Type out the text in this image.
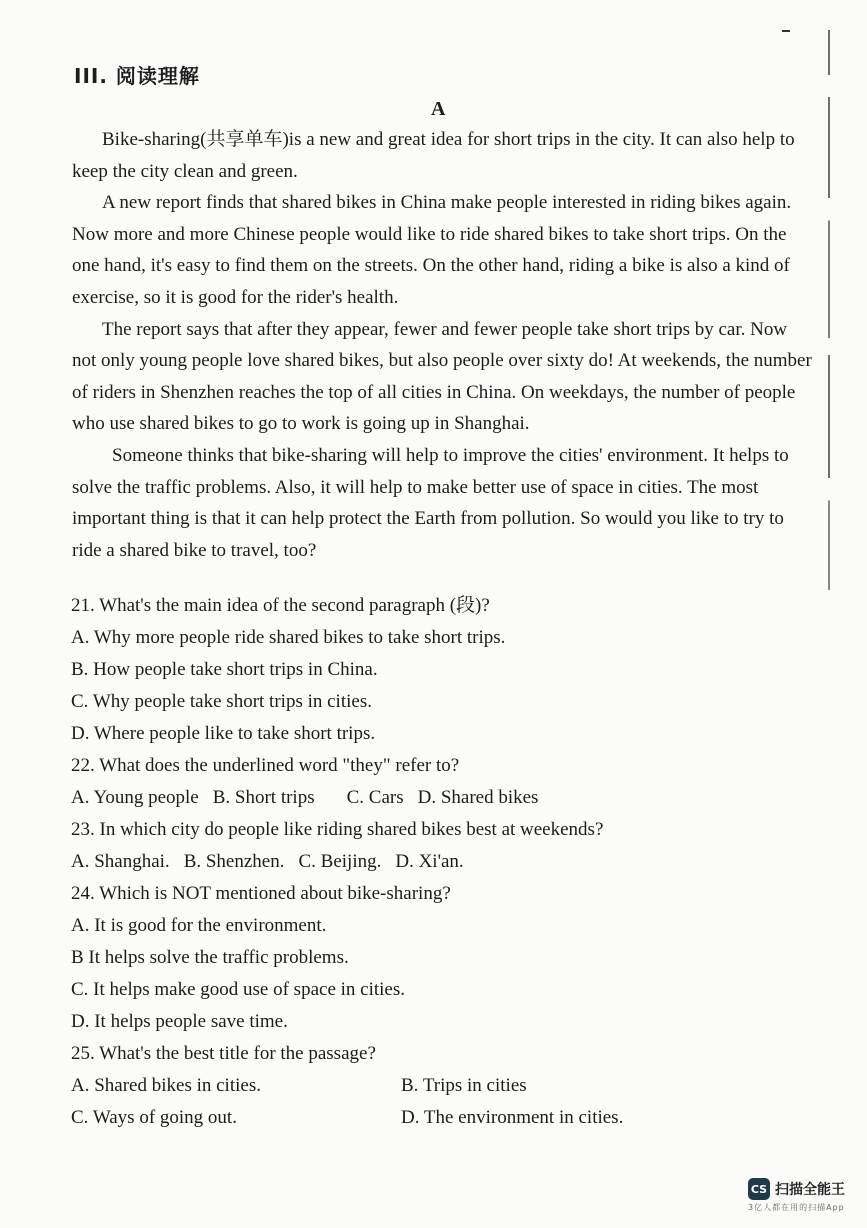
III. 阅读理解
A

Bike-sharing(共享单车)is a new and great idea for short trips in the city. It can also help to keep the city clean and green.

A new report finds that shared bikes in China make people interested in riding bikes again. Now more and more Chinese people would like to ride shared bikes to take short trips. On the one hand, it's easy to find them on the streets. On the other hand, riding a bike is also a kind of exercise, so it is good for the rider's health.

The report says that after they appear, fewer and fewer people take short trips by car. Now not only young people love shared bikes, but also people over sixty do! At weekends, the number of riders in Shenzhen reaches the top of all cities in China. On weekdays, the number of people who use shared bikes to go to work is going up in Shanghai.

Someone thinks that bike-sharing will help to improve the cities' environment. It helps to solve the traffic problems. Also, it will help to make better use of space in cities. The most important thing is that it can help protect the Earth from pollution. So would you like to try to ride a shared bike to travel, too?

21. What's the main idea of the second paragraph (段)?
A. Why more people ride shared bikes to take short trips.
B. How people take short trips in China.
C. Why people take short trips in cities.
D. Where people like to take short trips.
22. What does the underlined word "they" refer to?
A. Young people B. Short trips C. Cars D. Shared bikes
23. In which city do people like riding shared bikes best at weekends?
A. Shanghai. B. Shenzhen. C. Beijing. D. Xi'an.
24. Which is NOT mentioned about bike-sharing?
A. It is good for the environment.
B It helps solve the traffic problems.
C. It helps make good use of space in cities.
D. It helps people save time.
25. What's the best title for the passage?
A. Shared bikes in cities.	B. Trips in cities
C. Ways of going out.	D. The environment in cities.
CS 扫描全能王
3亿人都在用的扫描App
